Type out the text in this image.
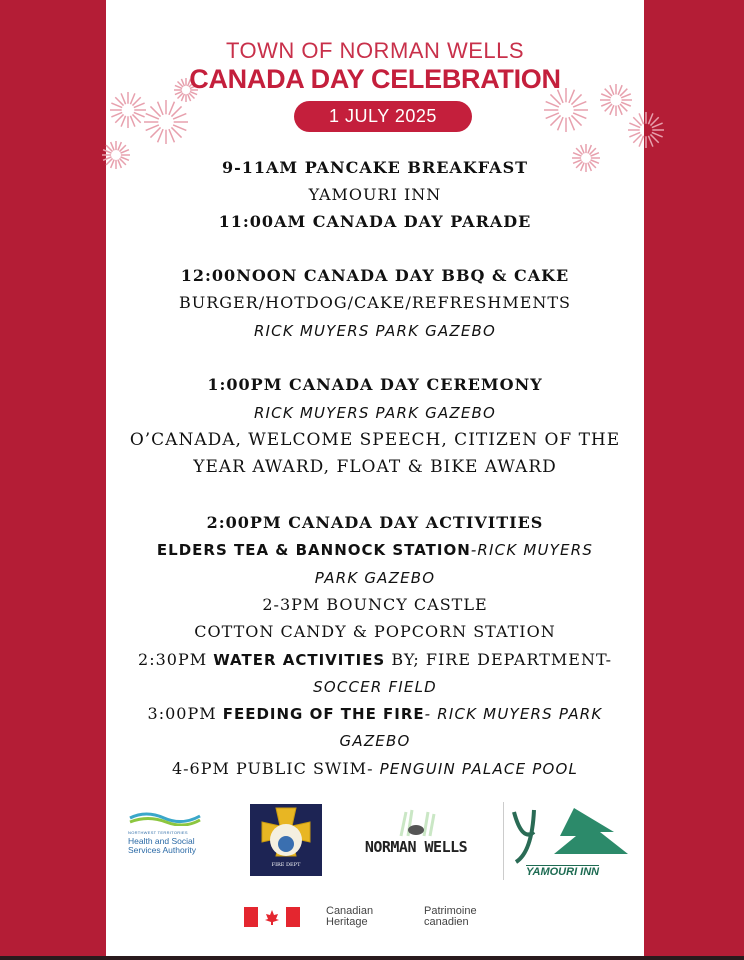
TOWN OF NORMAN WELLS
CANADA DAY CELEBRATION
1 JULY 2025
9-11AM PANCAKE BREAKFAST
YAMOURI INN
11:00AM CANADA DAY PARADE
12:00NOON CANADA DAY BBQ & CAKE
BURGER/HOTDOG/CAKE/REFRESHMENTS
RICK MUYERS PARK GAZEBO
1:00PM CANADA DAY CEREMONY
RICK MUYERS PARK GAZEBO
O’CANADA, WELCOME SPEECH, CITIZEN OF THE
YEAR AWARD, FLOAT & BIKE AWARD
2:00PM CANADA DAY ACTIVITIES
ELDERS TEA & BANNOCK STATION-RICK MUYERS
PARK GAZEBO
2-3PM BOUNCY CASTLE
COTTON CANDY & POPCORN STATION
2:30PM WATER ACTIVITIES BY; FIRE DEPARTMENT-
SOCCER FIELD
3:00PM FEEDING OF THE FIRE- RICK MUYERS PARK
GAZEBO
4-6PM PUBLIC SWIM- PENGUIN PALACE POOL
NORTHWEST TERRITORIES
Health and Social
Services Authority
FIRE DEPT
NORMAN WELLS
YAMOURI INN
Canadian
Heritage
Patrimoine
canadien
